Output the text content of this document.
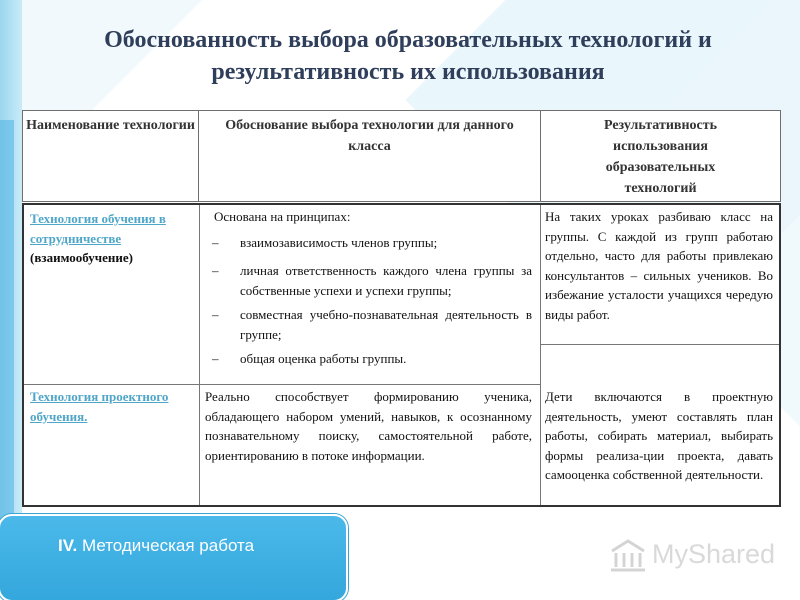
Обоснованность выбора образовательных технологий и
результативность их использования
Наименование технологии	Обоснование выбора технологии для данного класса
Результативность использования образовательных технологий
Технология обучения в сотрудничестве
(взаимообучение)
Основана на принципах:
– взаимозависимость членов группы;
– личная ответственность каждого члена группы за собственные успехи и успехи группы;
– совместная учебно-познавательная деятельность в группе;
– общая оценка работы группы.
На таких уроках разбиваю класс на группы. С каждой из групп работаю отдельно, часто для работы привлекаю консультантов – сильных учеников. Во избежание усталости учащихся чередую виды работ.
Технология проектного обучения.
Реально способствует формированию ученика, обладающего набором умений, навыков, к осознанному познавательному поиску, самостоятельной работе, ориентированию в потоке информации.
Дети включаются в проектную деятельность, умеют составлять план работы, собирать материал, выбирать формы реализа-ции проекта, давать самооценка собственной деятельности.
IV. Методическая работа	MyShared
